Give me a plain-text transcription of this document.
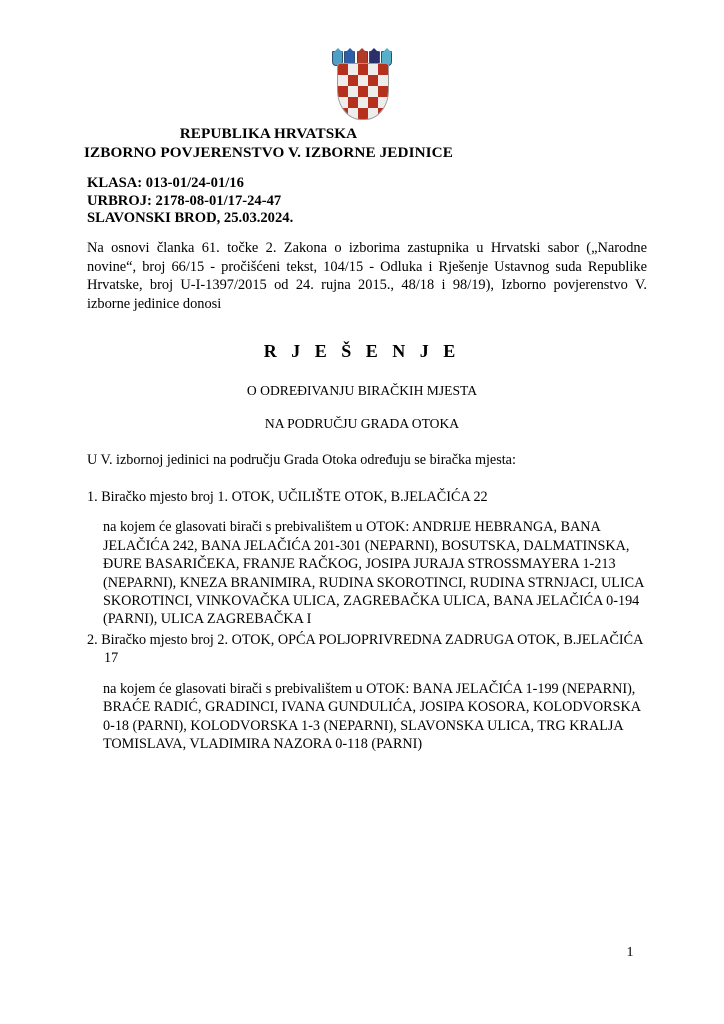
REPUBLIKA HRVATSKA
IZBORNO POVJERENSTVO V. IZBORNE JEDINICE
KLASA: 013-01/24-01/16
URBROJ: 2178-08-01/17-24-47
SLAVONSKI BROD, 25.03.2024.
Na osnovi članka 61. točke 2. Zakona o izborima zastupnika u Hrvatski sabor („Narodne novine“, broj 66/15 - pročišćeni tekst, 104/15 - Odluka i Rješenje Ustavnog suda Republike Hrvatske, broj U-I-1397/2015 od 24. rujna 2015., 48/18 i 98/19), Izborno povjerenstvo V. izborne jedinice donosi
R J E Š E N J E
O ODREĐIVANJU BIRAČKIH MJESTA
NA PODRUČJU GRADA OTOKA
U V. izbornoj jedinici na području Grada Otoka određuju se biračka mjesta:
1. Biračko mjesto broj 1. OTOK, UČILIŠTE OTOK, B.JELAČIĆA 22
na kojem će glasovati birači s prebivalištem u OTOK: ANDRIJE HEBRANGA, BANA JELAČIĆA 242, BANA JELAČIĆA 201-301 (NEPARNI), BOSUTSKA, DALMATINSKA, ĐURE BASARIČEKA, FRANJE RAČKOG, JOSIPA JURAJA STROSSMAYERA 1-213 (NEPARNI), KNEZA BRANIMIRA, RUDINA SKOROTINCI, RUDINA STRNJACI, ULICA SKOROTINCI, VINKOVAČKA ULICA, ZAGREBAČKA ULICA, BANA JELAČIĆA 0-194 (PARNI), ULICA ZAGREBAČKA I
2. Biračko mjesto broj 2. OTOK, OPĆA POLJOPRIVREDNA ZADRUGA OTOK, B.JELAČIĆA 17
na kojem će glasovati birači s prebivalištem u OTOK: BANA JELAČIĆA 1-199 (NEPARNI), BRAĆE RADIĆ, GRADINCI, IVANA GUNDULIĆA, JOSIPA KOSORA, KOLODVORSKA 0-18 (PARNI), KOLODVORSKA 1-3 (NEPARNI), SLAVONSKA ULICA, TRG KRALJA TOMISLAVA, VLADIMIRA NAZORA 0-118 (PARNI)
1
